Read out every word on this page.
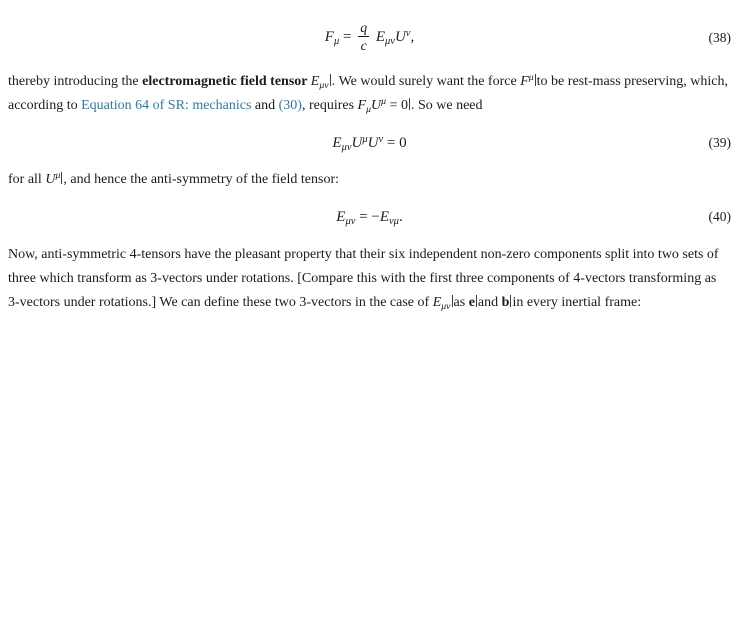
$F_\mu = \frac{q}{c} E_{\mu\nu}U^\nu$,	(38)

thereby introducing the electromagnetic field tensor $E_{\mu\nu}$ . We would surely want the force $F^\mu$ to be rest-mass preserving, which, according to Equation 64 of SR: mechanics and (30), requires $F_\mu U^\mu = 0$ . So we need

$E_{\mu\nu}U^\mu U^\nu = 0$	(39)

for all $U^\mu$ , and hence the anti-symmetry of the field tensor:

$E_{\mu\nu} = -E_{\nu\mu}$.	(40)

Now, anti-symmetric 4-tensors have the pleasant property that their six independent non-zero components split into two sets of three which transform as 3-vectors under rotations. [Compare this with the first three components of 4-vectors transforming as 3-vectors under rotations.] We can define these two 3-vectors in the case of $E_{\mu\nu}$ as e and b in every inertial frame:
